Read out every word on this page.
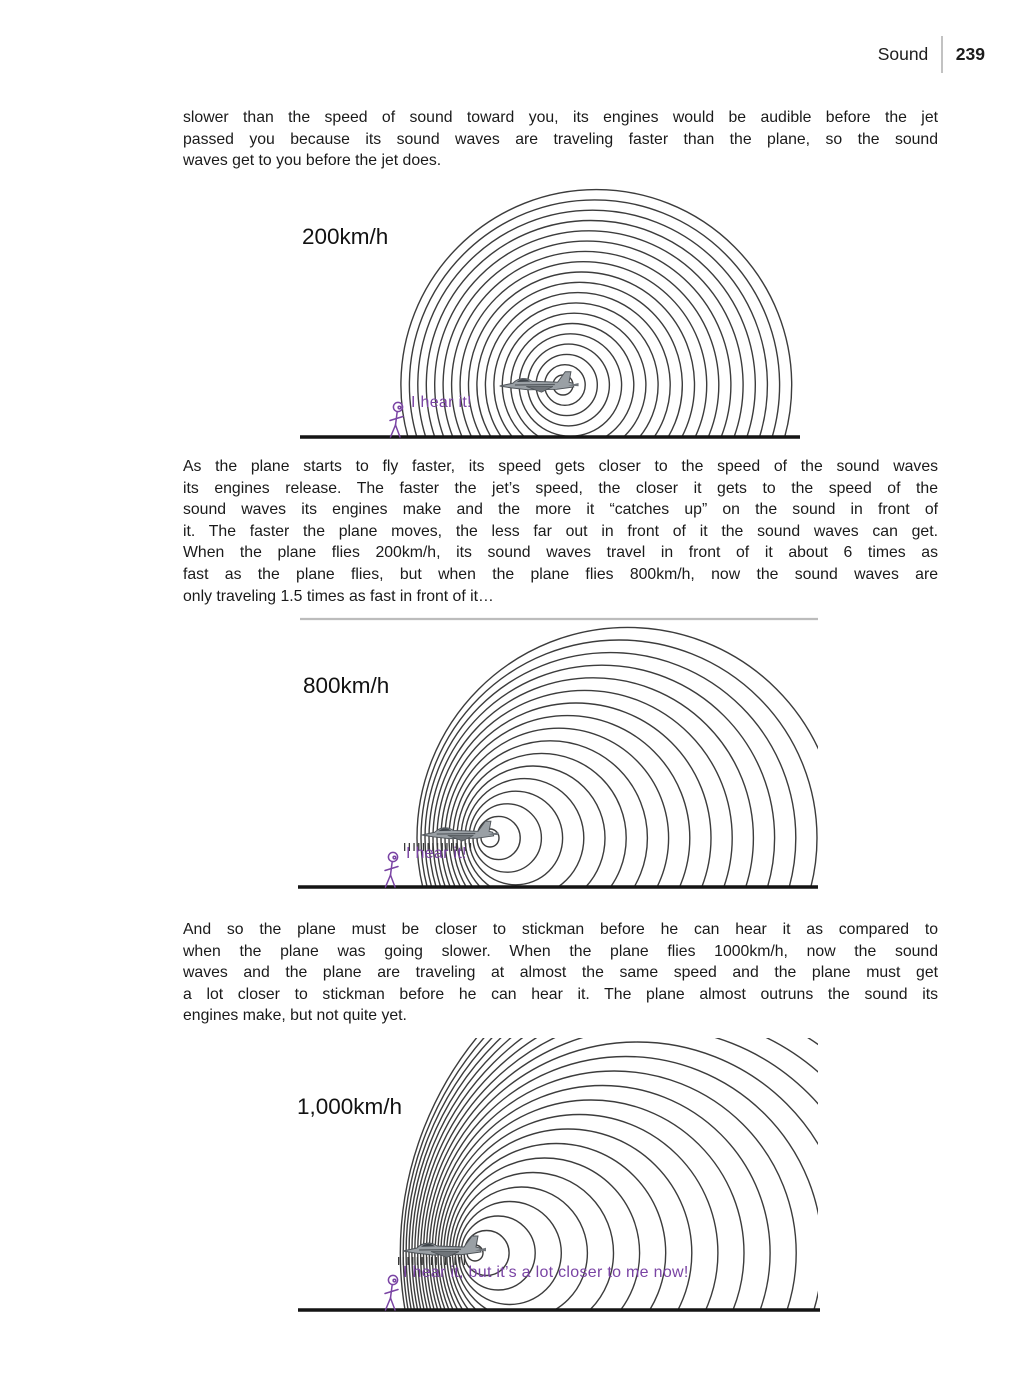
Sound 239
slower than the speed of sound toward you, its engines would be audible before the jet
passed you because its sound waves are traveling faster than the plane, so the sound
waves get to you before the jet does.
As the plane starts to fly faster, its speed gets closer to the speed of the sound waves
its engines release. The faster the jet’s speed, the closer it gets to the speed of the
sound waves its engines make and the more it “catches up” on the sound in front of
it. The faster the plane moves, the less far out in front of it the sound waves can get.
When the plane flies 200km/h, its sound waves travel in front of it about 6 times as
fast as the plane flies, but when the plane flies 800km/h, now the sound waves are
only traveling 1.5 times as fast in front of it…
And so the plane must be closer to stickman before he can hear it as compared to
when the plane was going slower. When the plane flies 1000km/h, now the sound
waves and the plane are traveling at almost the same speed and the plane must get
a lot closer to stickman before he can hear it. The plane almost outruns the sound its
engines make, but not quite yet.
200km/h
800km/h
1,000km/h
I hear it!
I hear it!
I hear it, but it’s a lot closer to me now!
